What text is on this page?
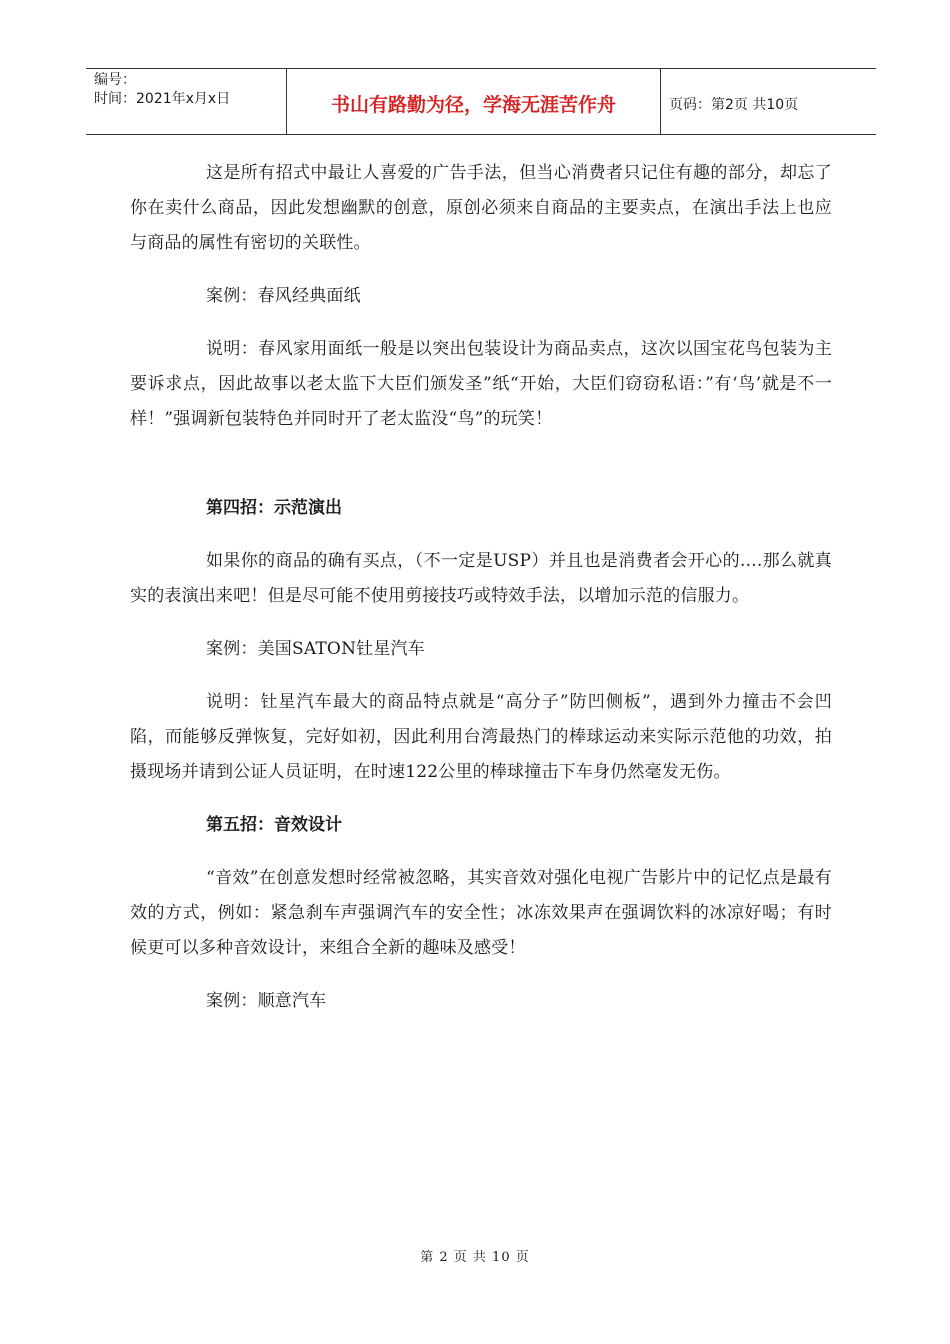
编号：
时间：2021年x月x日	书山有路勤为径，学海无涯苦作舟	页码：第2页 共10页

这是所有招式中最让人喜爱的广告手法，但当心消费者只记住有趣的部分，却忘了你在卖什么商品，因此发想幽默的创意，原创必须来自商品的主要卖点，在演出手法上也应与商品的属性有密切的关联性。

案例：春风经典面纸

说明：春风家用面纸一般是以突出包装设计为商品卖点，这次以国宝花鸟包装为主要诉求点，因此故事以老太监下大臣们颁发圣”纸“开始，大臣们窃窃私语：”有‘鸟’就是不一样！”强调新包装特色并同时开了老太监没“鸟”的玩笑！

第四招：示范演出

如果你的商品的确有买点，（不一定是USP）并且也是消费者会开心的....那么就真实的表演出来吧！但是尽可能不使用剪接技巧或特效手法，以增加示范的信服力。

案例：美国SATON钍星汽车

说明：钍星汽车最大的商品特点就是“高分子”防凹侧板”，遇到外力撞击不会凹陷，而能够反弹恢复，完好如初，因此利用台湾最热门的棒球运动来实际示范他的功效，拍摄现场并请到公证人员证明，在时速122公里的棒球撞击下车身仍然毫发无伤。

第五招：音效设计

“音效”在创意发想时经常被忽略，其实音效对强化电视广告影片中的记忆点是最有效的方式，例如：紧急刹车声强调汽车的安全性；冰冻效果声在强调饮料的冰凉好喝；有时候更可以多种音效设计，来组合全新的趣味及感受！

案例：顺意汽车

第 2 页 共 10 页
